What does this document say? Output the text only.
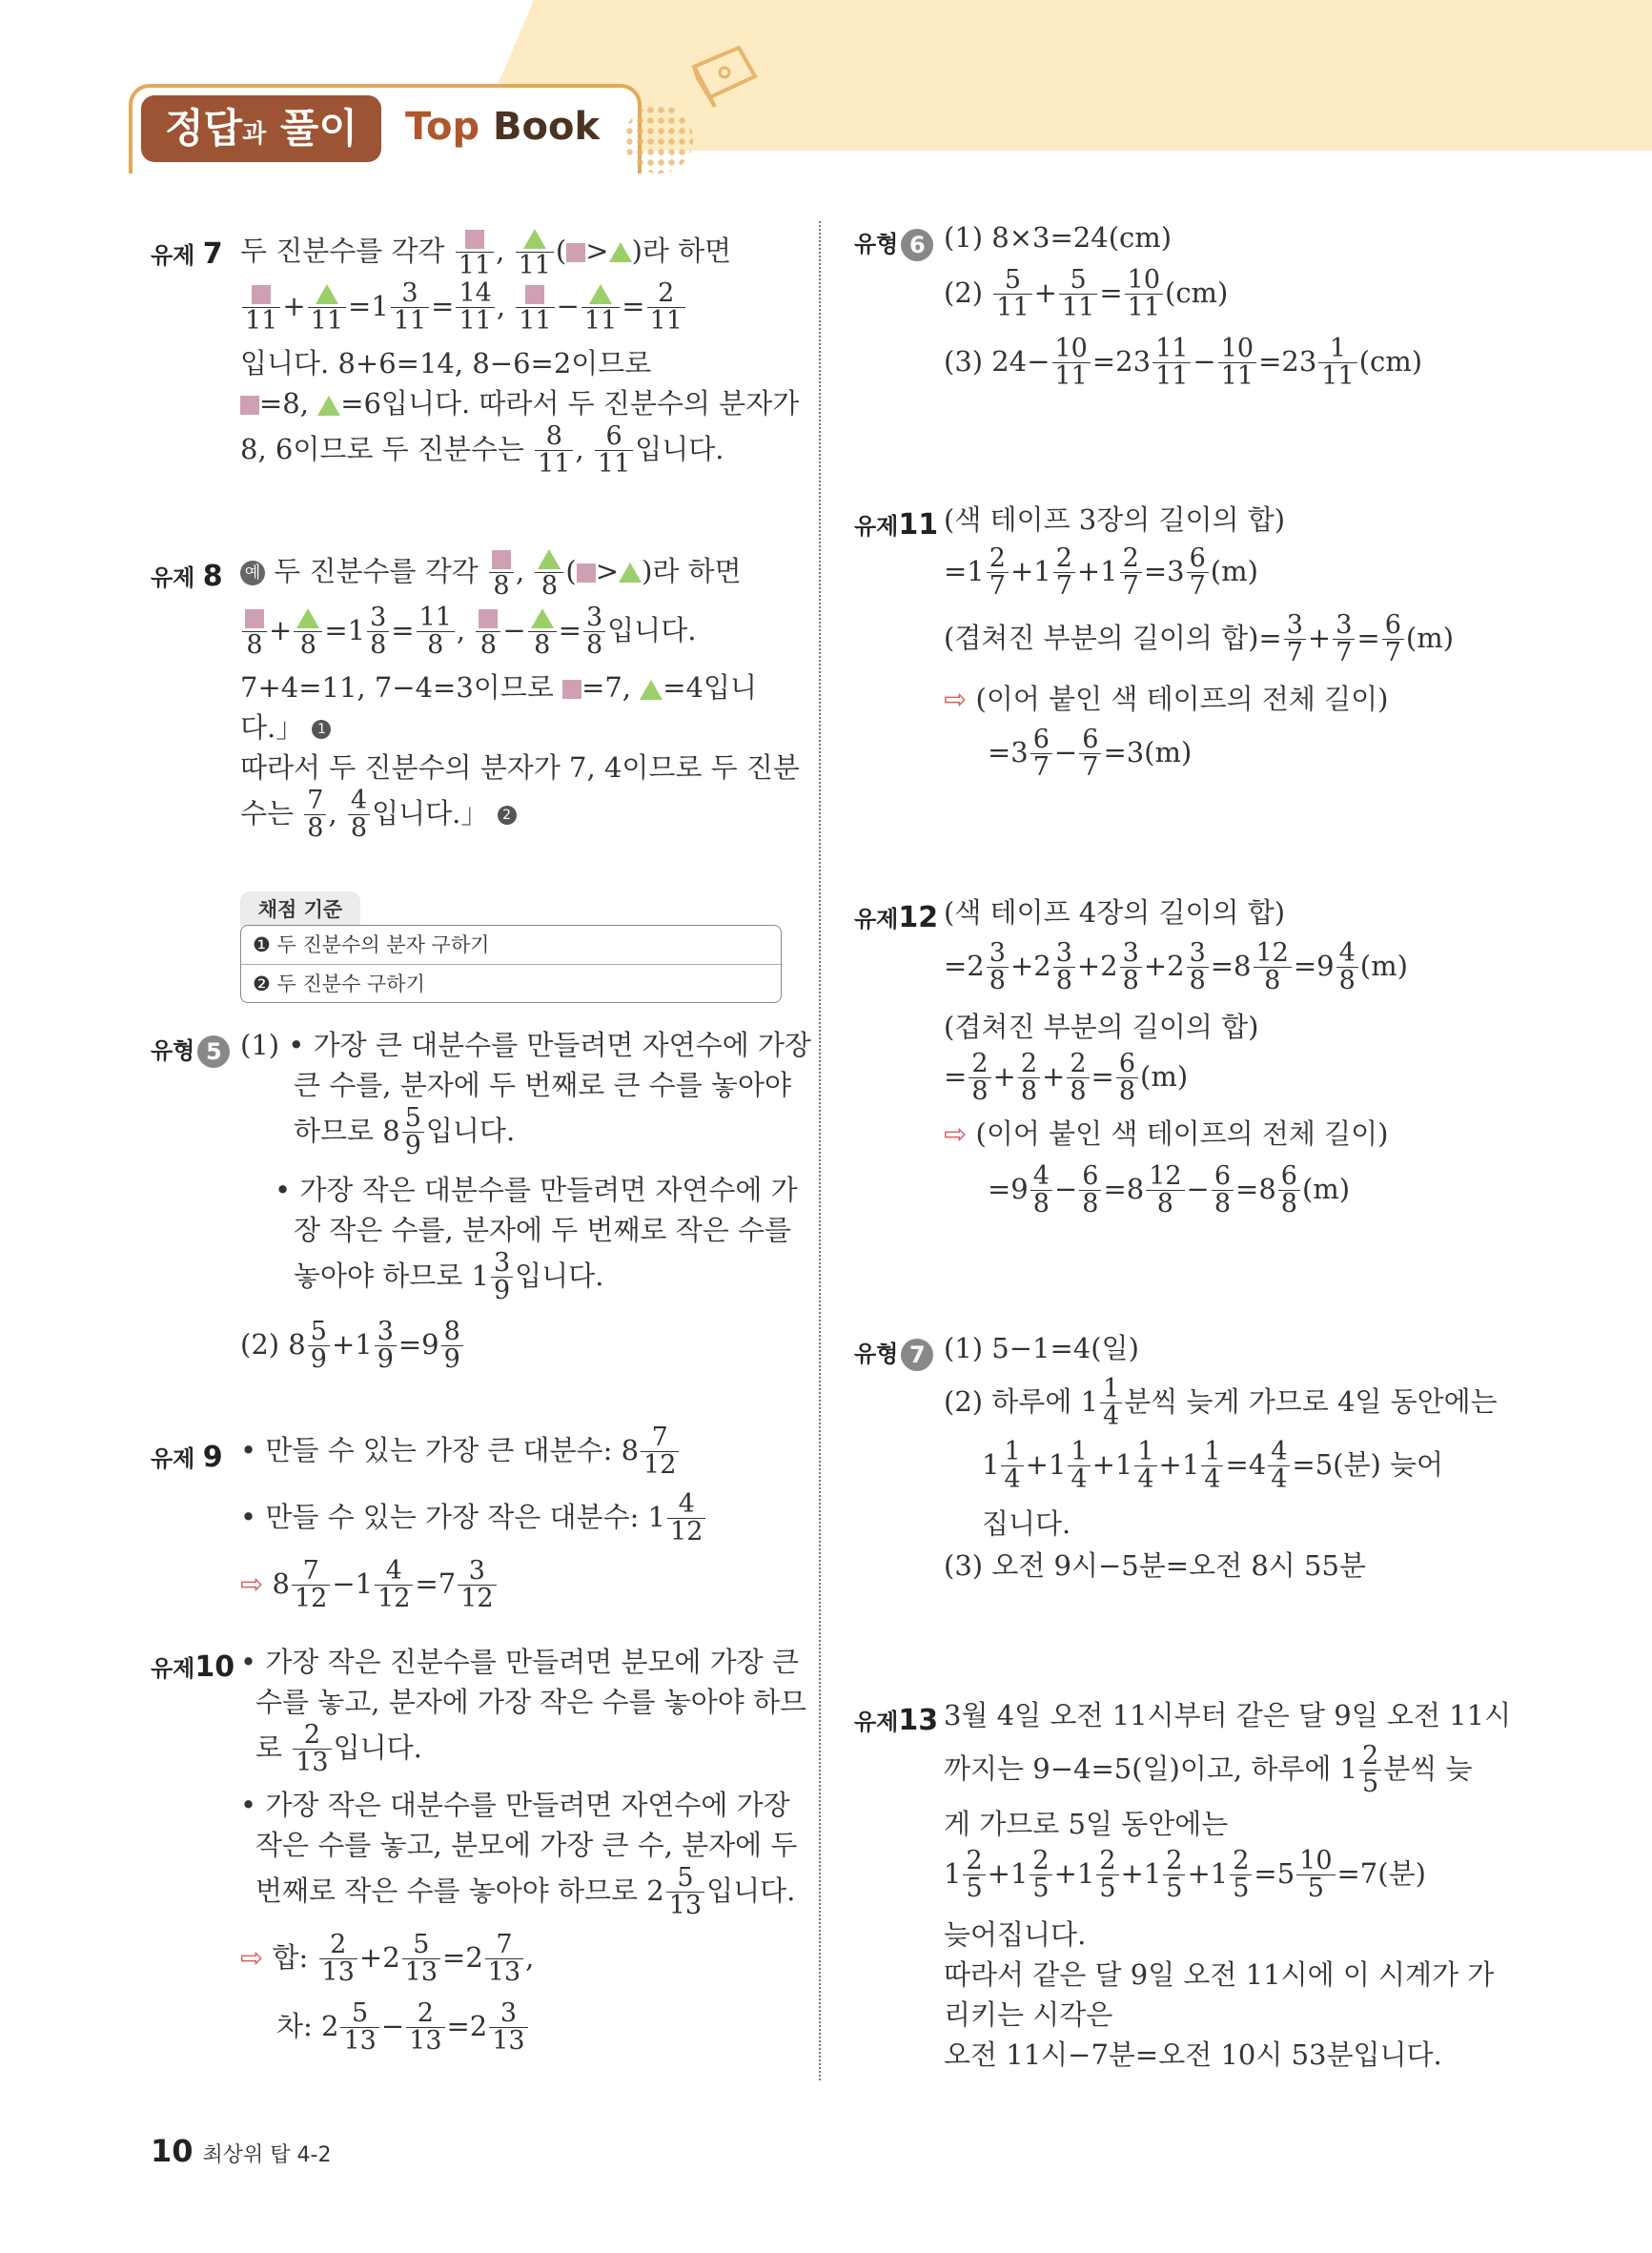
정답과 풀이	Top Book
유제 7 두 진분수를 각각 11 , 11 ( > )라 하면
$11 + 11 =1 \frac{3}{11} = \frac{14}{11}$ , $11 - 11 = \frac{2}{11}$
입니다. 8+6=14, 8−6=2이므로
=8, =6입니다. 따라서 두 진분수의 분자가
8, 6이므로 두 진분수는 $\frac{8}{11}$ , $\frac{6}{11}$ 입니다.
유제 8 예 두 진분수를 각각 8 , 8 ( > )라 하면
$8 + 8 =1 \frac{3}{8} = \frac{11}{8}$ , $8 - 8 = \frac{3}{8}$ 입니다.
7+4=11, 7−4=3이므로 =7, =4입니
다.」 1
따라서 두 진분수의 분자가 7, 4이므로 두 진분
수는 $\frac{7}{8}$ , $\frac{4}{8}$ 입니다.」 2
채점 기준
❶ 두 진분수의 분자 구하기
❷ 두 진분수 구하기
유형 5 (1) • 가장 큰 대분수를 만들려면 자연수에 가장
큰 수를, 분자에 두 번째로 큰 수를 놓아야
하므로 $8 \frac{5}{9}$ 입니다.
• 가장 작은 대분수를 만들려면 자연수에 가
장 작은 수를, 분자에 두 번째로 작은 수를
놓아야 하므로 $1 \frac{3}{9}$ 입니다.
(2) $8 \frac{5}{9} +1 \frac{3}{9} =9 \frac{8}{9}$
유제 9 • 만들 수 있는 가장 큰 대분수: $8 \frac{7}{12}$
• 만들 수 있는 가장 작은 대분수: $1 \frac{4}{12}$
⇨ $8 \frac{7}{12} -1 \frac{4}{12} =7 \frac{3}{12}$
유제10 • 가장 작은 진분수를 만들려면 분모에 가장 큰
수를 놓고, 분자에 가장 작은 수를 놓아야 하므
로 $\frac{2}{13}$ 입니다.
• 가장 작은 대분수를 만들려면 자연수에 가장
작은 수를 놓고, 분모에 가장 큰 수, 분자에 두
번째로 작은 수를 놓아야 하므로 $2 \frac{5}{13}$ 입니다.
⇨ 합: $\frac{2}{13} +2 \frac{5}{13} =2 \frac{7}{13}$ ,
차: $2 \frac{5}{13} - \frac{2}{13} =2 \frac{3}{13}$
유형 6 (1) 8×3=24(cm)
$(2) \frac{5}{11} + \frac{5}{11} = \frac{10}{11} (cm)$
(3) $24- \frac{10}{11} =23 \frac{11}{11} - \frac{10}{11} =23 \frac{1}{11} (cm)$
유제11 (색 테이프 3장의 길이의 합)
$=1 \frac{2}{7} +1 \frac{2}{7} +1 \frac{2}{7} =3 \frac{6}{7} (m)$
(겹쳐진 부분의 길이의 합)= $\frac{3}{7} + \frac{3}{7} = \frac{6}{7} (m)$
⇨ (이어 붙인 색 테이프의 전체 길이)
$=3 \frac{6}{7} - \frac{6}{7} =3(m)$
유제12 (색 테이프 4장의 길이의 합)
$=2 \frac{3}{8} +2 \frac{3}{8} +2 \frac{3}{8} +2 \frac{3}{8} =8 \frac{12}{8} =9 \frac{4}{8} (m)$
(겹쳐진 부분의 길이의 합)
= $\frac{2}{8} + \frac{2}{8} + \frac{2}{8} = \frac{6}{8} (m)$
⇨ (이어 붙인 색 테이프의 전체 길이)
$=9 \frac{4}{8} - \frac{6}{8} =8 \frac{12}{8} - \frac{6}{8} =8 \frac{6}{8} (m)$
유형 7 (1) 5−1=4(일)
(2) 하루에 $1 \frac{1}{4}$ 분씩 늦게 가므로 4일 동안에는
$1 \frac{1}{4} +1 \frac{1}{4} +1 \frac{1}{4} +1 \frac{1}{4} =4 \frac{4}{4} =5$(분) 늦어
집니다.
(3) 오전 9시−5분=오전 8시 55분
유제13 3월 4일 오전 11시부터 같은 달 9일 오전 11시
까지는 9−4=5(일)이고, 하루에 $1 \frac{2}{5}$ 분씩 늦
게 가므로 5일 동안에는
$1 \frac{2}{5} +1 \frac{2}{5} +1 \frac{2}{5} +1 \frac{2}{5} +1 \frac{2}{5} =5 \frac{10}{5} =7$(분)
늦어집니다.
따라서 같은 달 9일 오전 11시에 이 시계가 가
리키는 시각은
오전 11시−7분=오전 10시 53분입니다.
10 최상위 탑 4-2
